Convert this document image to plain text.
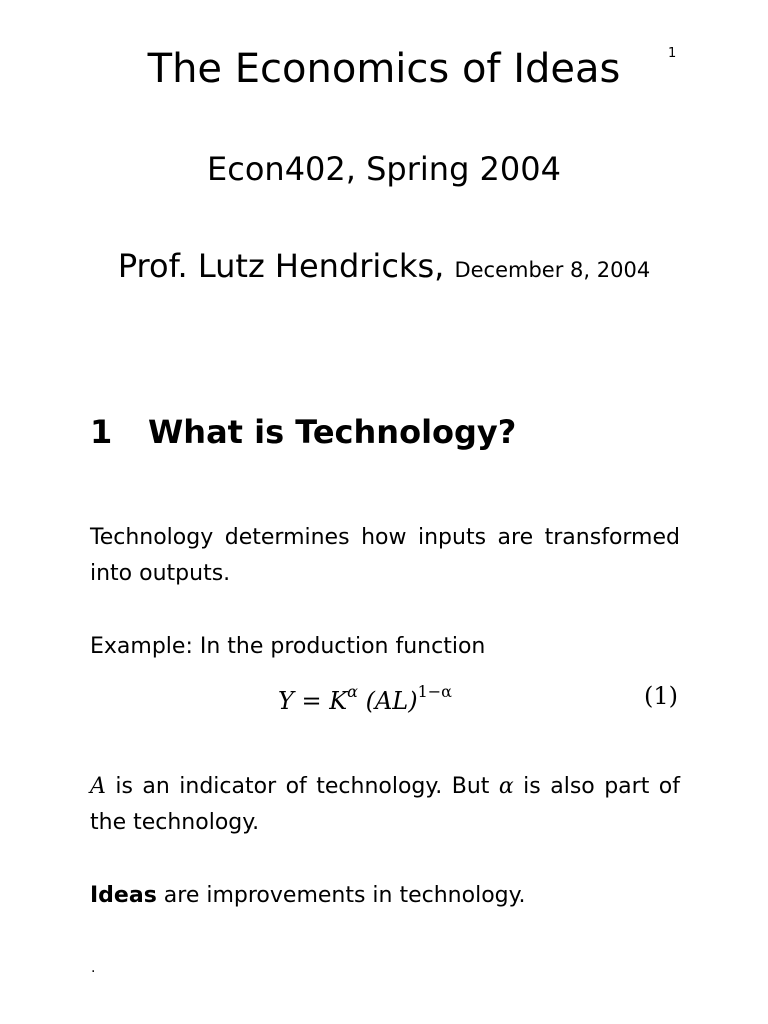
1
The Economics of Ideas
Econ402, Spring 2004
Prof. Lutz Hendricks, December 8, 2004
1 What is Technology?

Technology determines how inputs are transformed into outputs.

Example: In the production function

$Y = K^\alpha$ (AL)$^{1-\alpha}$	(1)

A is an indicator of technology. But α is also part of the technology.

Ideas are improvements in technology.

.
